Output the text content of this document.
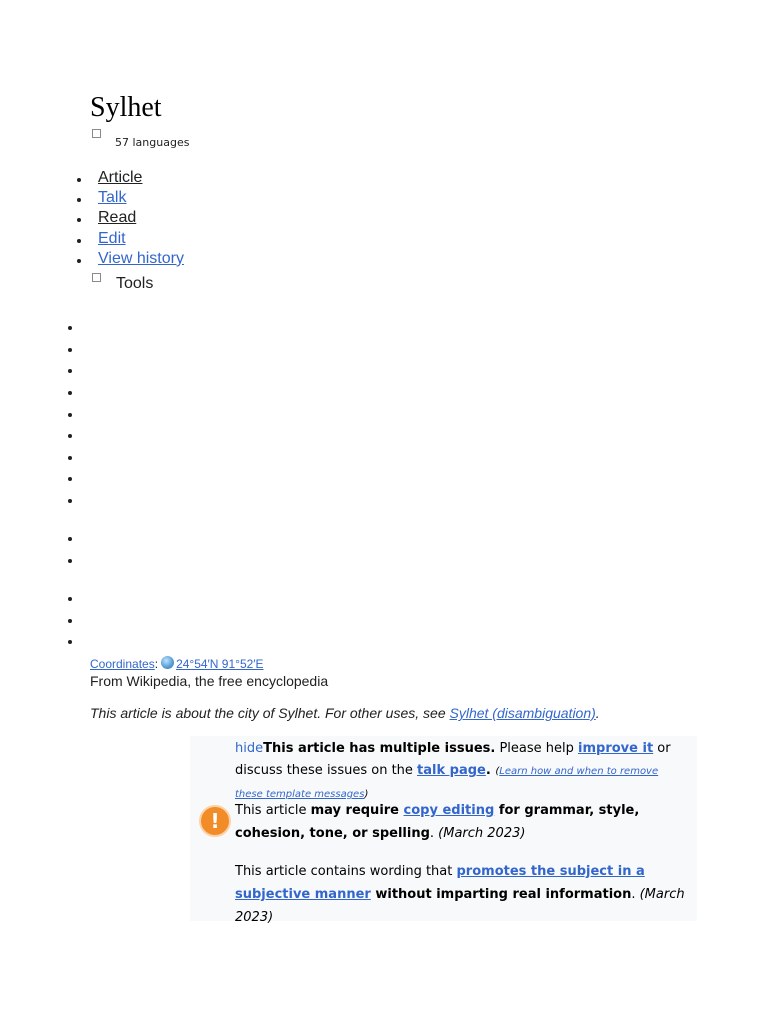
Sylhet
57 languages
Article
Talk
Read
Edit
View history
Tools
Coordinates: 24°54′N 91°52′E
From Wikipedia, the free encyclopedia
This article is about the city of Sylhet. For other uses, see Sylhet (disambiguation).

hideThis article has multiple issues. Please help improve it or discuss these issues on the talk page. (Learn how and when to remove these template messages)

!	This article may require copy editing for grammar, style, cohesion, tone, or spelling. (March 2023)

This article contains wording that promotes the subject in a subjective manner without imparting real information. (March 2023)
